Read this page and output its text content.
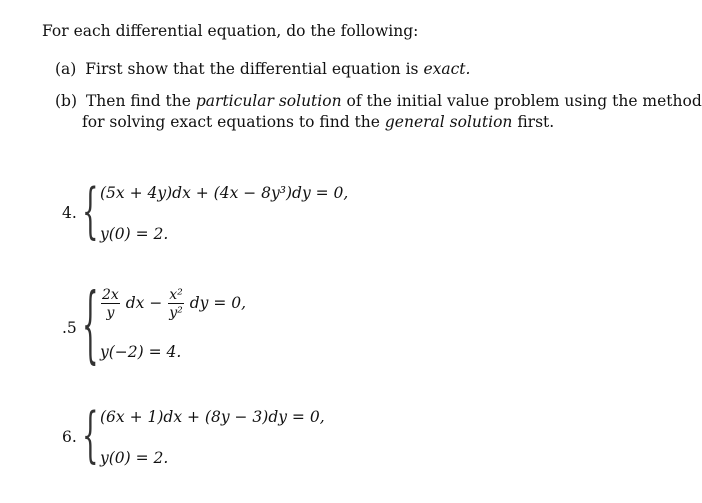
For each differential equation, do the following:
(a) First show that the differential equation is exact.
(b) Then find the particular solution of the initial value problem using the method
for solving exact equations to find the general solution first.
4. { (5x + 4y)dx + (4x − 8y³)dy = 0,
y(0) = 2.
.5 { $\frac{2x}{y}$ dx − $\frac{\text{x²}}{\text{y²}}$ dy = 0,
y(−2) = 4.
6. { (6x + 1)dx + (8y − 3)dy = 0,
y(0) = 2.
